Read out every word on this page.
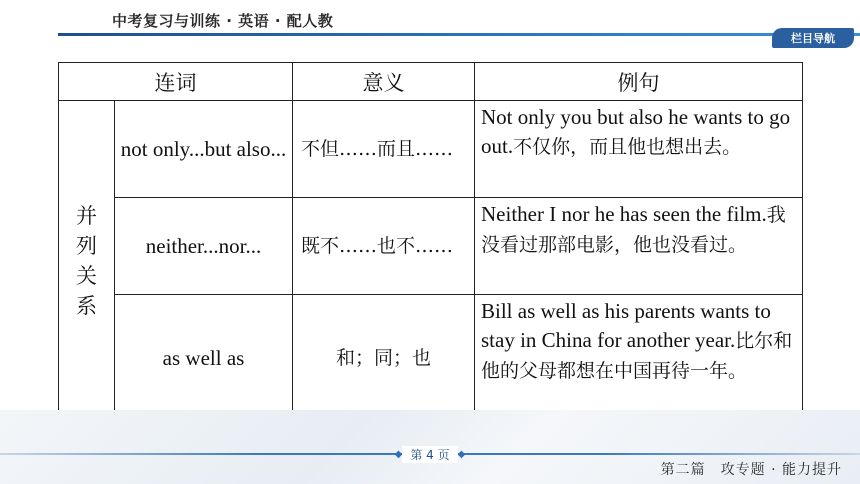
中考复习与训练 · 英语 · 配人教
栏目导航
连词		意义	例句
并列关系	not only...but also...	不但……而且……	Not only you but also he wants to go out.不仅你，而且他也想出去。
	neither...nor...	既不……也不……	Neither I nor he has seen the film.我没看过那部电影，他也没看过。
	as well as	和；同；也	Bill as well as his parents wants to stay in China for another year.比尔和他的父母都想在中国再待一年。
◆ 第 4 页 ◆
第二篇　攻专题 · 能力提升
